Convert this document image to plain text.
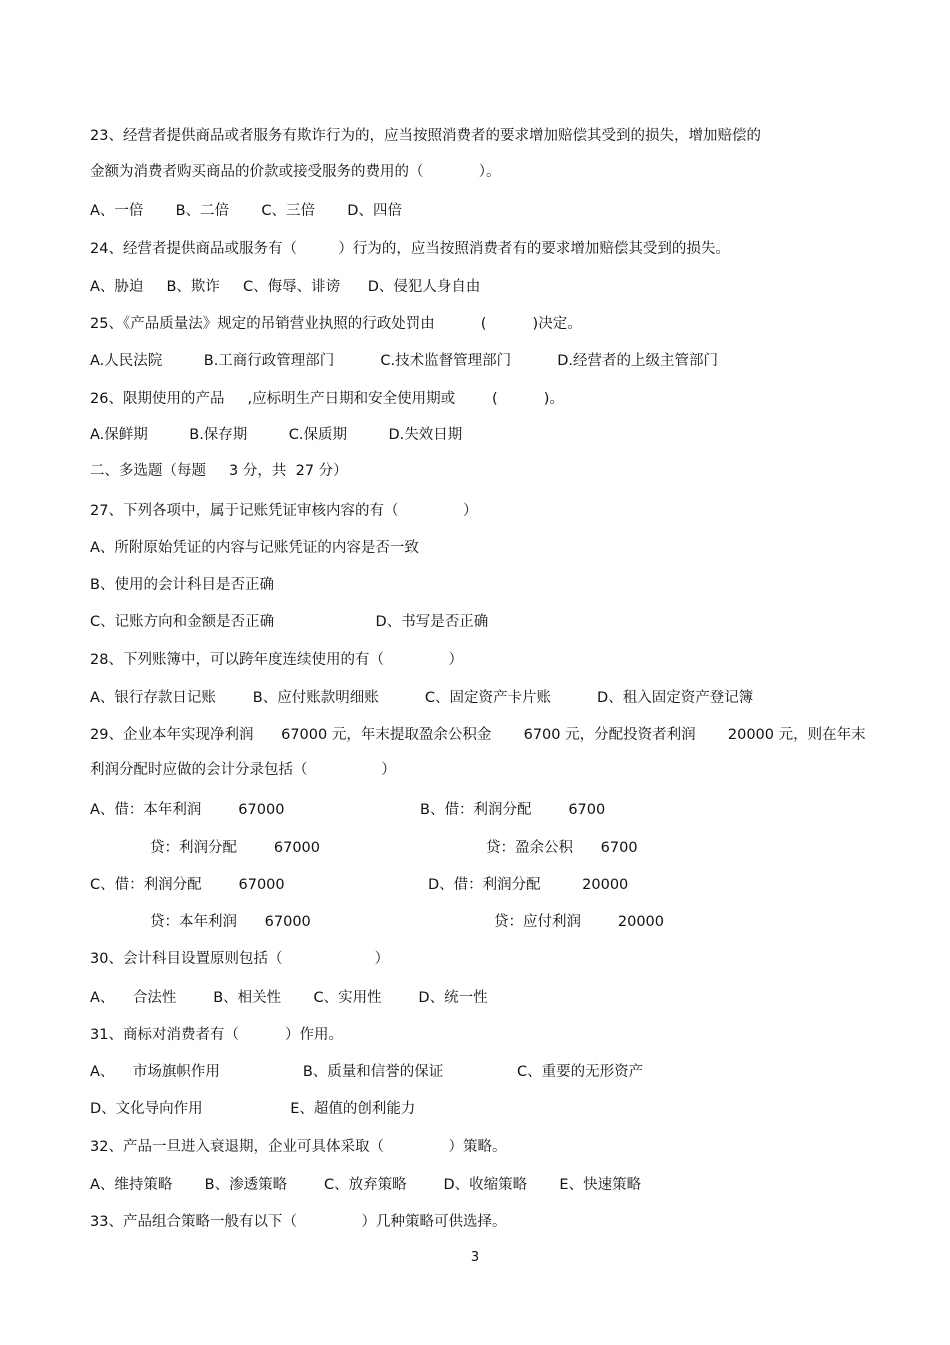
23、经营者提供商品或者服务有欺诈行为的，应当按照消费者的要求增加赔偿其受到的损失，增加赔偿的
金额为消费者购买商品的价款或接受服务的费用的（            ）。
A、一倍       B、二倍       C、三倍       D、四倍
24、经营者提供商品或服务有（         ）行为的，应当按照消费者有的要求增加赔偿其受到的损失。
A、胁迫     B、欺诈     C、侮辱、诽谤      D、侵犯人身自由
25、《产品质量法》规定的吊销营业执照的行政处罚由          (          )决定。
A.人民法院         B.工商行政管理部门          C.技术监督管理部门          D.经营者的上级主管部门
26、限期使用的产品     ,应标明生产日期和安全使用期或        (          )。
A.保鲜期         B.保存期         C.保质期         D.失效日期
二、多选题（每题     3 分，共  27 分）
27、下列各项中，属于记账凭证审核内容的有（              ）
A、所附原始凭证的内容与记账凭证的内容是否一致
B、使用的会计科目是否正确
C、记账方向和金额是否正确                      D、书写是否正确
28、下列账簿中，可以跨年度连续使用的有（              ）
A、银行存款日记账        B、应付账款明细账          C、固定资产卡片账          D、租入固定资产登记簿
29、企业本年实现净利润      67000 元，年末提取盈余公积金       6700 元，分配投资者利润       20000 元，则在年末
利润分配时应做的会计分录包括（                ）
A、借：本年利润        67000	B、借：利润分配        6700
贷：利润分配        67000	贷：盈余公积      6700
C、借：利润分配        67000	D、借：利润分配         20000
贷：本年利润      67000	贷：应付利润        20000
30、会计科目设置原则包括（                    ）
A、    合法性        B、相关性       C、实用性        D、统一性
31、商标对消费者有（          ）作用。
A、    市场旗帜作用                  B、质量和信誉的保证                C、重要的无形资产
D、文化导向作用                   E、超值的创利能力
32、产品一旦进入衰退期，企业可具体采取（              ）策略。
A、维持策略       B、渗透策略        C、放弃策略        D、收缩策略       E、快速策略
33、产品组合策略一般有以下（              ）几种策略可供选择。
3
